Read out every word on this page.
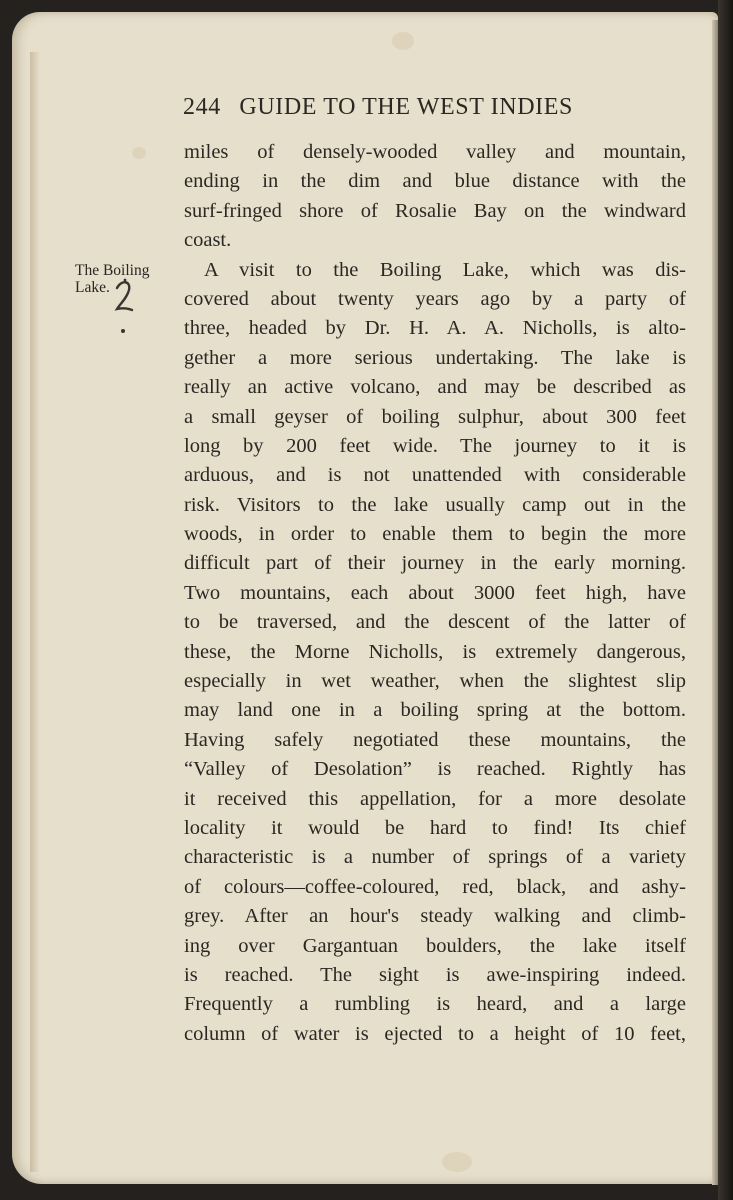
244 GUIDE TO THE WEST INDIES
The Boiling
Lake.
miles of densely-wooded valley and mountain,
ending in the dim and blue distance with the
surf-fringed shore of Rosalie Bay on the windward
coast.
A visit to the Boiling Lake, which was dis-
covered about twenty years ago by a party of
three, headed by Dr. H. A. A. Nicholls, is alto-
gether a more serious undertaking. The lake is
really an active volcano, and may be described as
a small geyser of boiling sulphur, about 300 feet
long by 200 feet wide. The journey to it is
arduous, and is not unattended with considerable
risk. Visitors to the lake usually camp out in the
woods, in order to enable them to begin the more
difficult part of their journey in the early morning.
Two mountains, each about 3000 feet high, have
to be traversed, and the descent of the latter of
these, the Morne Nicholls, is extremely dangerous,
especially in wet weather, when the slightest slip
may land one in a boiling spring at the bottom.
Having safely negotiated these mountains, the
“Valley of Desolation” is reached. Rightly has
it received this appellation, for a more desolate
locality it would be hard to find! Its chief
characteristic is a number of springs of a variety
of colours—coffee-coloured, red, black, and ashy-
grey. After an hour's steady walking and climb-
ing over Gargantuan boulders, the lake itself
is reached. The sight is awe-inspiring indeed.
Frequently a rumbling is heard, and a large
column of water is ejected to a height of 10 feet,
